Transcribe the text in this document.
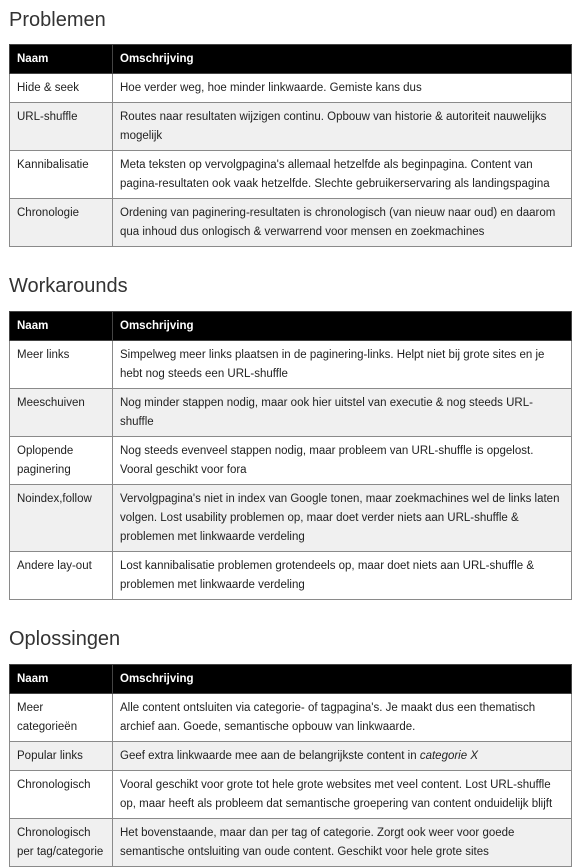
Problemen
Naam	Omschrijving
Hide & seek	Hoe verder weg, hoe minder linkwaarde. Gemiste kans dus
URL-shuffle	Routes naar resultaten wijzigen continu. Opbouw van historie & autoriteit nauwelijks mogelijk
Kannibalisatie	Meta teksten op vervolgpagina's allemaal hetzelfde als beginpagina. Content van pagina-resultaten ook vaak hetzelfde. Slechte gebruikerservaring als landingspagina
Chronologie	Ordening van paginering-resultaten is chronologisch (van nieuw naar oud) en daarom qua inhoud dus onlogisch & verwarrend voor mensen en zoekmachines
Workarounds
Naam	Omschrijving
Meer links	Simpelweg meer links plaatsen in de paginering-links. Helpt niet bij grote sites en je hebt nog steeds een URL-shuffle
Meeschuiven	Nog minder stappen nodig, maar ook hier uitstel van executie & nog steeds URL-shuffle
Oplopende paginering	Nog steeds evenveel stappen nodig, maar probleem van URL-shuffle is opgelost. Vooral geschikt voor fora
Noindex,follow	Vervolgpagina's niet in index van Google tonen, maar zoekmachines wel de links laten volgen. Lost usability problemen op, maar doet verder niets aan URL-shuffle & problemen met linkwaarde verdeling
Andere lay-out	Lost kannibalisatie problemen grotendeels op, maar doet niets aan URL-shuffle & problemen met linkwaarde verdeling
Oplossingen
Naam	Omschrijving
Meer categorieën	Alle content ontsluiten via categorie- of tagpagina's. Je maakt dus een thematisch archief aan. Goede, semantische opbouw van linkwaarde.
Popular links	Geef extra linkwaarde mee aan de belangrijkste content in categorie X
Chronologisch	Vooral geschikt voor grote tot hele grote websites met veel content. Lost URL-shuffle op, maar heeft als probleem dat semantische groepering van content onduidelijk blijft
Chronologisch per tag/categorie	Het bovenstaande, maar dan per tag of categorie. Zorgt ook weer voor goede semantische ontsluiting van oude content. Geschikt voor hele grote sites
